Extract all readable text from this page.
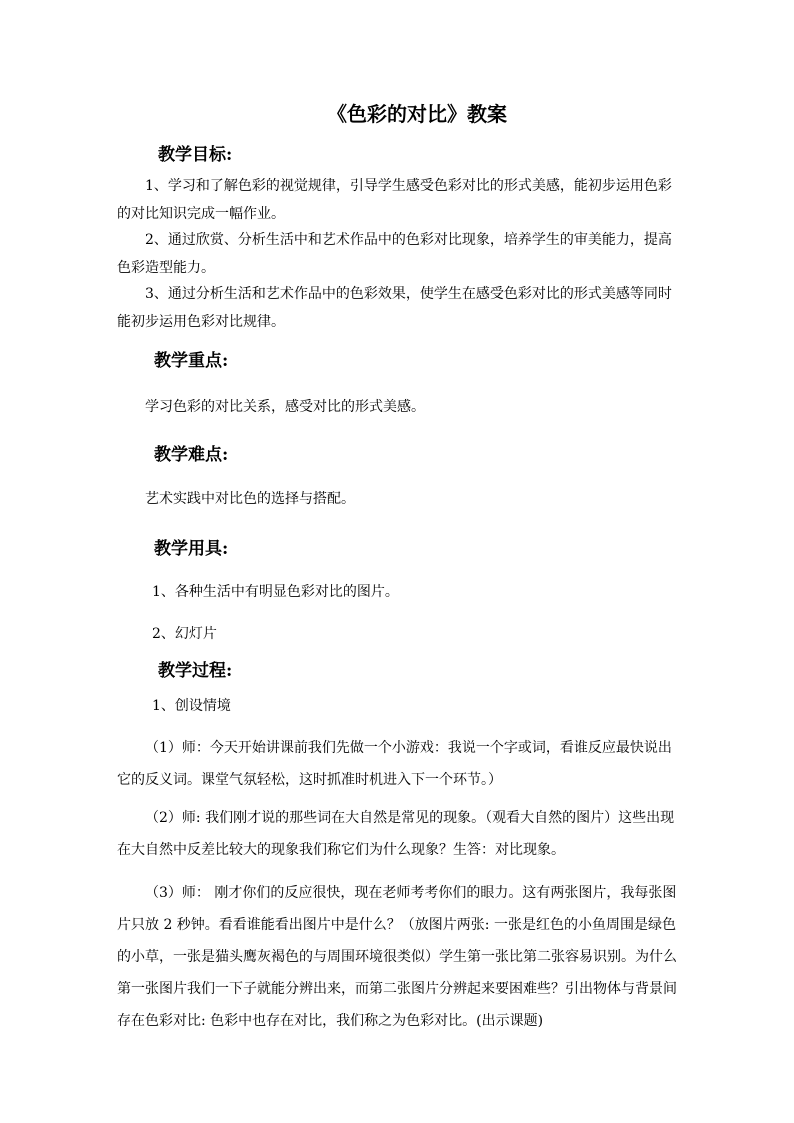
《色彩的对比》教案
教学目标:

1、学习和了解色彩的视觉规律，引导学生感受色彩对比的形式美感，能初步运用色彩的对比知识完成一幅作业。

2、通过欣赏、分析生活中和艺术作品中的色彩对比现象，培养学生的审美能力，提高色彩造型能力。

3、通过分析生活和艺术作品中的色彩效果，使学生在感受色彩对比的形式美感等同时能初步运用色彩对比规律。

教学重点:

学习色彩的对比关系，感受对比的形式美感。

教学难点:

艺术实践中对比色的选择与搭配。

教学用具:

1、各种生活中有明显色彩对比的图片。

2、幻灯片

教学过程:

1、创设情境

（1）师：今天开始讲课前我们先做一个小游戏：我说一个字或词，看谁反应最快说出它的反义词。课堂气氛轻松，这时抓准时机进入下一个环节。）

（2）师: 我们刚才说的那些词在大自然是常见的现象。（观看大自然的图片）这些出现在大自然中反差比较大的现象我们称它们为什么现象？生答：对比现象。

（3）师： 刚才你们的反应很快，现在老师考考你们的眼力。这有两张图片，我每张图片只放 2 秒钟。看看谁能看出图片中是什么？（放图片两张: 一张是红色的小鱼周围是绿色的小草，一张是猫头鹰灰褐色的与周围环境很类似）学生第一张比第二张容易识别。为什么第一张图片我们一下子就能分辨出来，而第二张图片分辨起来要困难些？引出物体与背景间存在色彩对比: 色彩中也存在对比，我们称之为色彩对比。(出示课题)
